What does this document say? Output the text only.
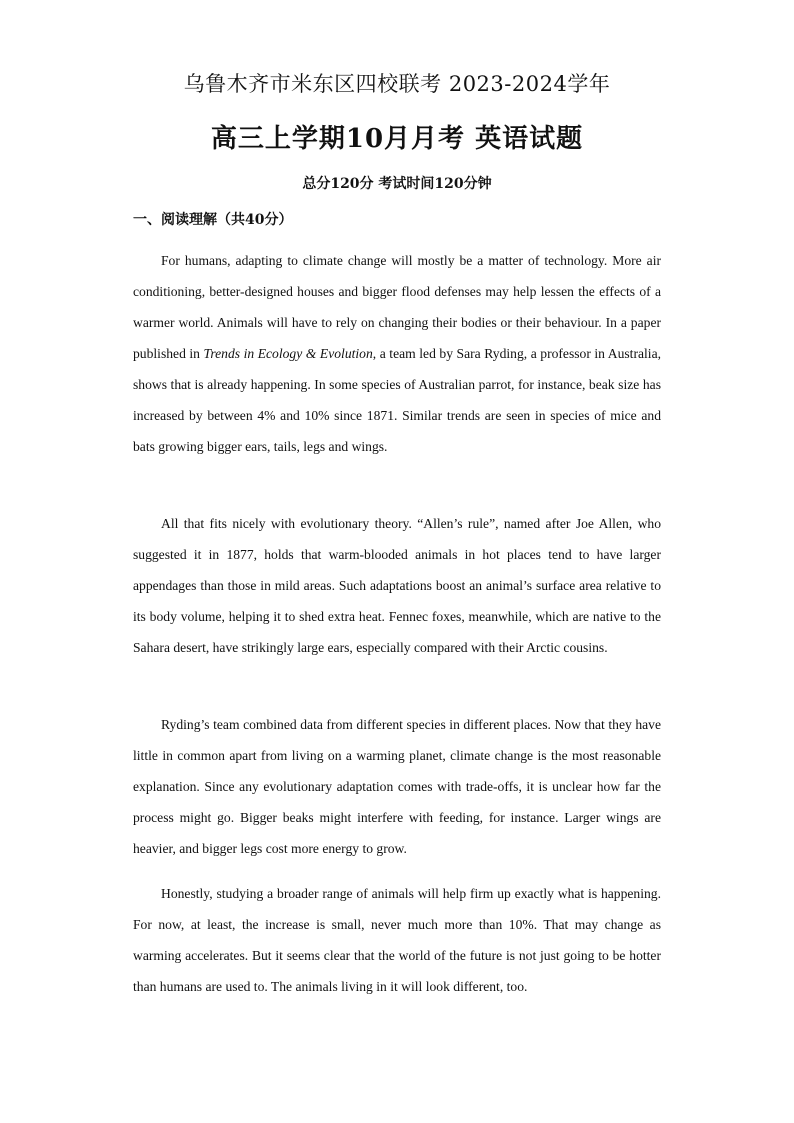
乌鲁木齐市米东区四校联考 2023-2024学年
高三上学期10月月考 英语试题
总分120分 考试时间120分钟
一、阅读理解（共40分）

For humans, adapting to climate change will mostly be a matter of technology. More air conditioning, better-designed houses and bigger flood defenses may help lessen the effects of a warmer world. Animals will have to rely on changing their bodies or their behaviour. In a paper published in Trends in Ecology & Evolution, a team led by Sara Ryding, a professor in Australia, shows that is already happening. In some species of Australian parrot, for instance, beak size has increased by between 4% and 10% since 1871. Similar trends are seen in species of mice and bats growing bigger ears, tails, legs and wings.

All that fits nicely with evolutionary theory. “Allen’s rule”, named after Joe Allen, who suggested it in 1877, holds that warm-blooded animals in hot places tend to have larger appendages than those in mild areas. Such adaptations boost an animal’s surface area relative to its body volume, helping it to shed extra heat. Fennec foxes, meanwhile, which are native to the Sahara desert, have strikingly large ears, especially compared with their Arctic cousins.

Ryding’s team combined data from different species in different places. Now that they have little in common apart from living on a warming planet, climate change is the most reasonable explanation. Since any evolutionary adaptation comes with trade-offs, it is unclear how far the process might go. Bigger beaks might interfere with feeding, for instance. Larger wings are heavier, and bigger legs cost more energy to grow.

Honestly, studying a broader range of animals will help firm up exactly what is happening. For now, at least, the increase is small, never much more than 10%. That may change as warming accelerates. But it seems clear that the world of the future is not just going to be hotter than humans are used to. The animals living in it will look different, too.
